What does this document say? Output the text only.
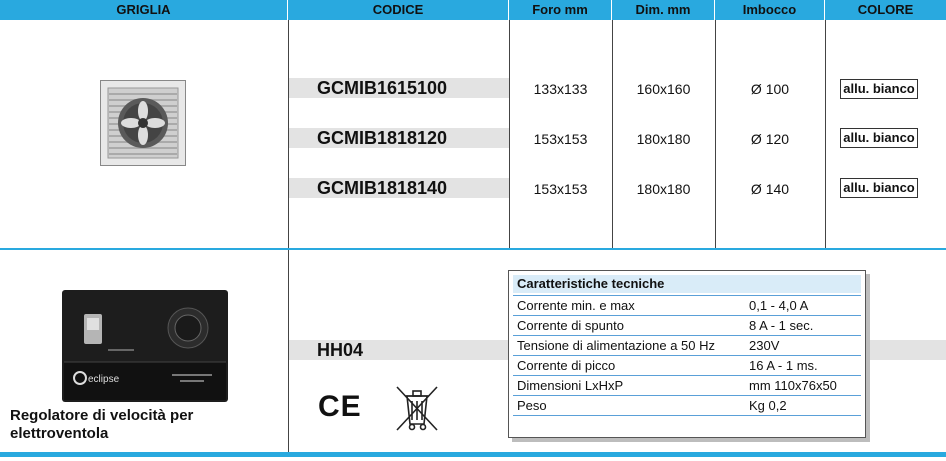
GRIGLIA	CODICE	Foro mm	Dim. mm	Imbocco	COLORE
GCMIB1615100	133x133	160x160	Ø 100	allu. bianco
GCMIB1818120	153x153	180x180	Ø 120	allu. bianco
GCMIB1818140	153x153	180x180	Ø 140	allu. bianco
eclipse
Regolatore di velocità per
elettroventola
HH04
CE
Caratteristiche tecniche
Corrente min. e max	0,1 - 4,0 A
Corrente di spunto	8 A - 1 sec.
Tensione di alimentazione a 50 Hz	230V
Corrente di picco	16 A - 1 ms.
Dimensioni LxHxP	mm 110x76x50
Peso	Kg 0,2
